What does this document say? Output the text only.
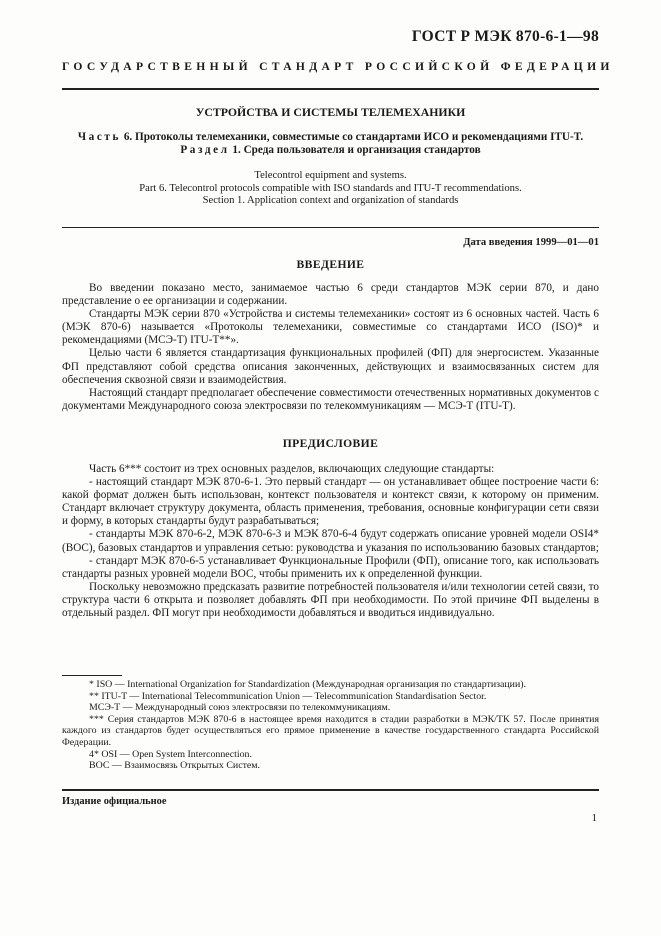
ГОСТ Р МЭК 870-6-1—98
ГОСУДАРСТВЕННЫЙ СТАНДАРТ РОССИЙСКОЙ ФЕДЕРАЦИИ
УСТРОЙСТВА И СИСТЕМЫ ТЕЛЕМЕХАНИКИ
Часть 6. Протоколы телемеханики, совместимые со стандартами ИСО и рекомендациями ITU-T.
Раздел 1. Среда пользователя и организация стандартов
Telecontrol equipment and systems.
Part 6. Telecontrol protocols compatible with ISO standards and ITU-T recommendations.
Section 1. Application context and organization of standards
Дата введения 1999—01—01
ВВЕДЕНИЕ

Во введении показано место, занимаемое частью 6 среди стандартов МЭК серии 870, и дано представление о ее организации и содержании.

Стандарты МЭК серии 870 «Устройства и системы телемеханики» состоят из 6 основных частей. Часть 6 (МЭК 870-6) называется «Протоколы телемеханики, совместимые со стандартами ИСО (ISO)* и рекомендациями (МСЭ-Т) ITU-T**».

Целью части 6 является стандартизация функциональных профилей (ФП) для энергосистем. Указанные ФП представляют собой средства описания законченных, действующих и взаимосвязанных систем для обеспечения сквозной связи и взаимодействия.

Настоящий стандарт предполагает обеспечение совместимости отечественных нормативных документов с документами Международного союза электросвязи по телекоммуникациям –– МСЭ-Т (ITU-T).

ПРЕДИСЛОВИЕ

Часть 6*** состоит из трех основных разделов, включающих следующие стандарты:

- настоящий стандарт МЭК 870-6-1. Это первый стандарт — он устанавливает общее построение части 6: какой формат должен быть использован, контекст пользователя и контекст связи, к которому он применим. Стандарт включает структуру документа, область применения, требования, основные конфигурации сети связи и форму, в которых стандарты будут разрабатываться;

- стандарты МЭК 870-6-2, МЭК 870-6-3 и МЭК 870-6-4 будут содержать описание уровней модели OSI4* (ВОС), базовых стандартов и управления сетью: руководства и указания по использованию базовых стандартов;

- стандарт МЭК 870-6-5 устанавливает Функциональные Профили (ФП), описание того, как использовать стандарты разных уровней модели ВОС, чтобы применить их к определенной функции.

Поскольку невозможно предсказать развитие потребностей пользователя и/или технологии сетей связи, то структура части 6 открыта и позволяет добавлять ФП при необходимости. По этой причине ФП выделены в отдельный раздел. ФП могут при необходимости добавляться и вводиться индивидуально.

* ISO — International Organization for Standardization (Международная организация по стандартизации).

** ITU-T — International Telecommunication Union — Telecommunication Standardisation Sector.

МСЭ-Т — Международный союз электросвязи по телекоммуникациям.

*** Серия стандартов МЭК 870-6 в настоящее время находится в стадии разработки в МЭК/ТК 57. После принятия каждого из стандартов будет осуществляться его прямое применение в качестве государственного стандарта Российской Федерации.

4* OSI — Open System Interconnection.

ВОС — Взаимосвязь Открытых Систем.

Издание официальное
1
